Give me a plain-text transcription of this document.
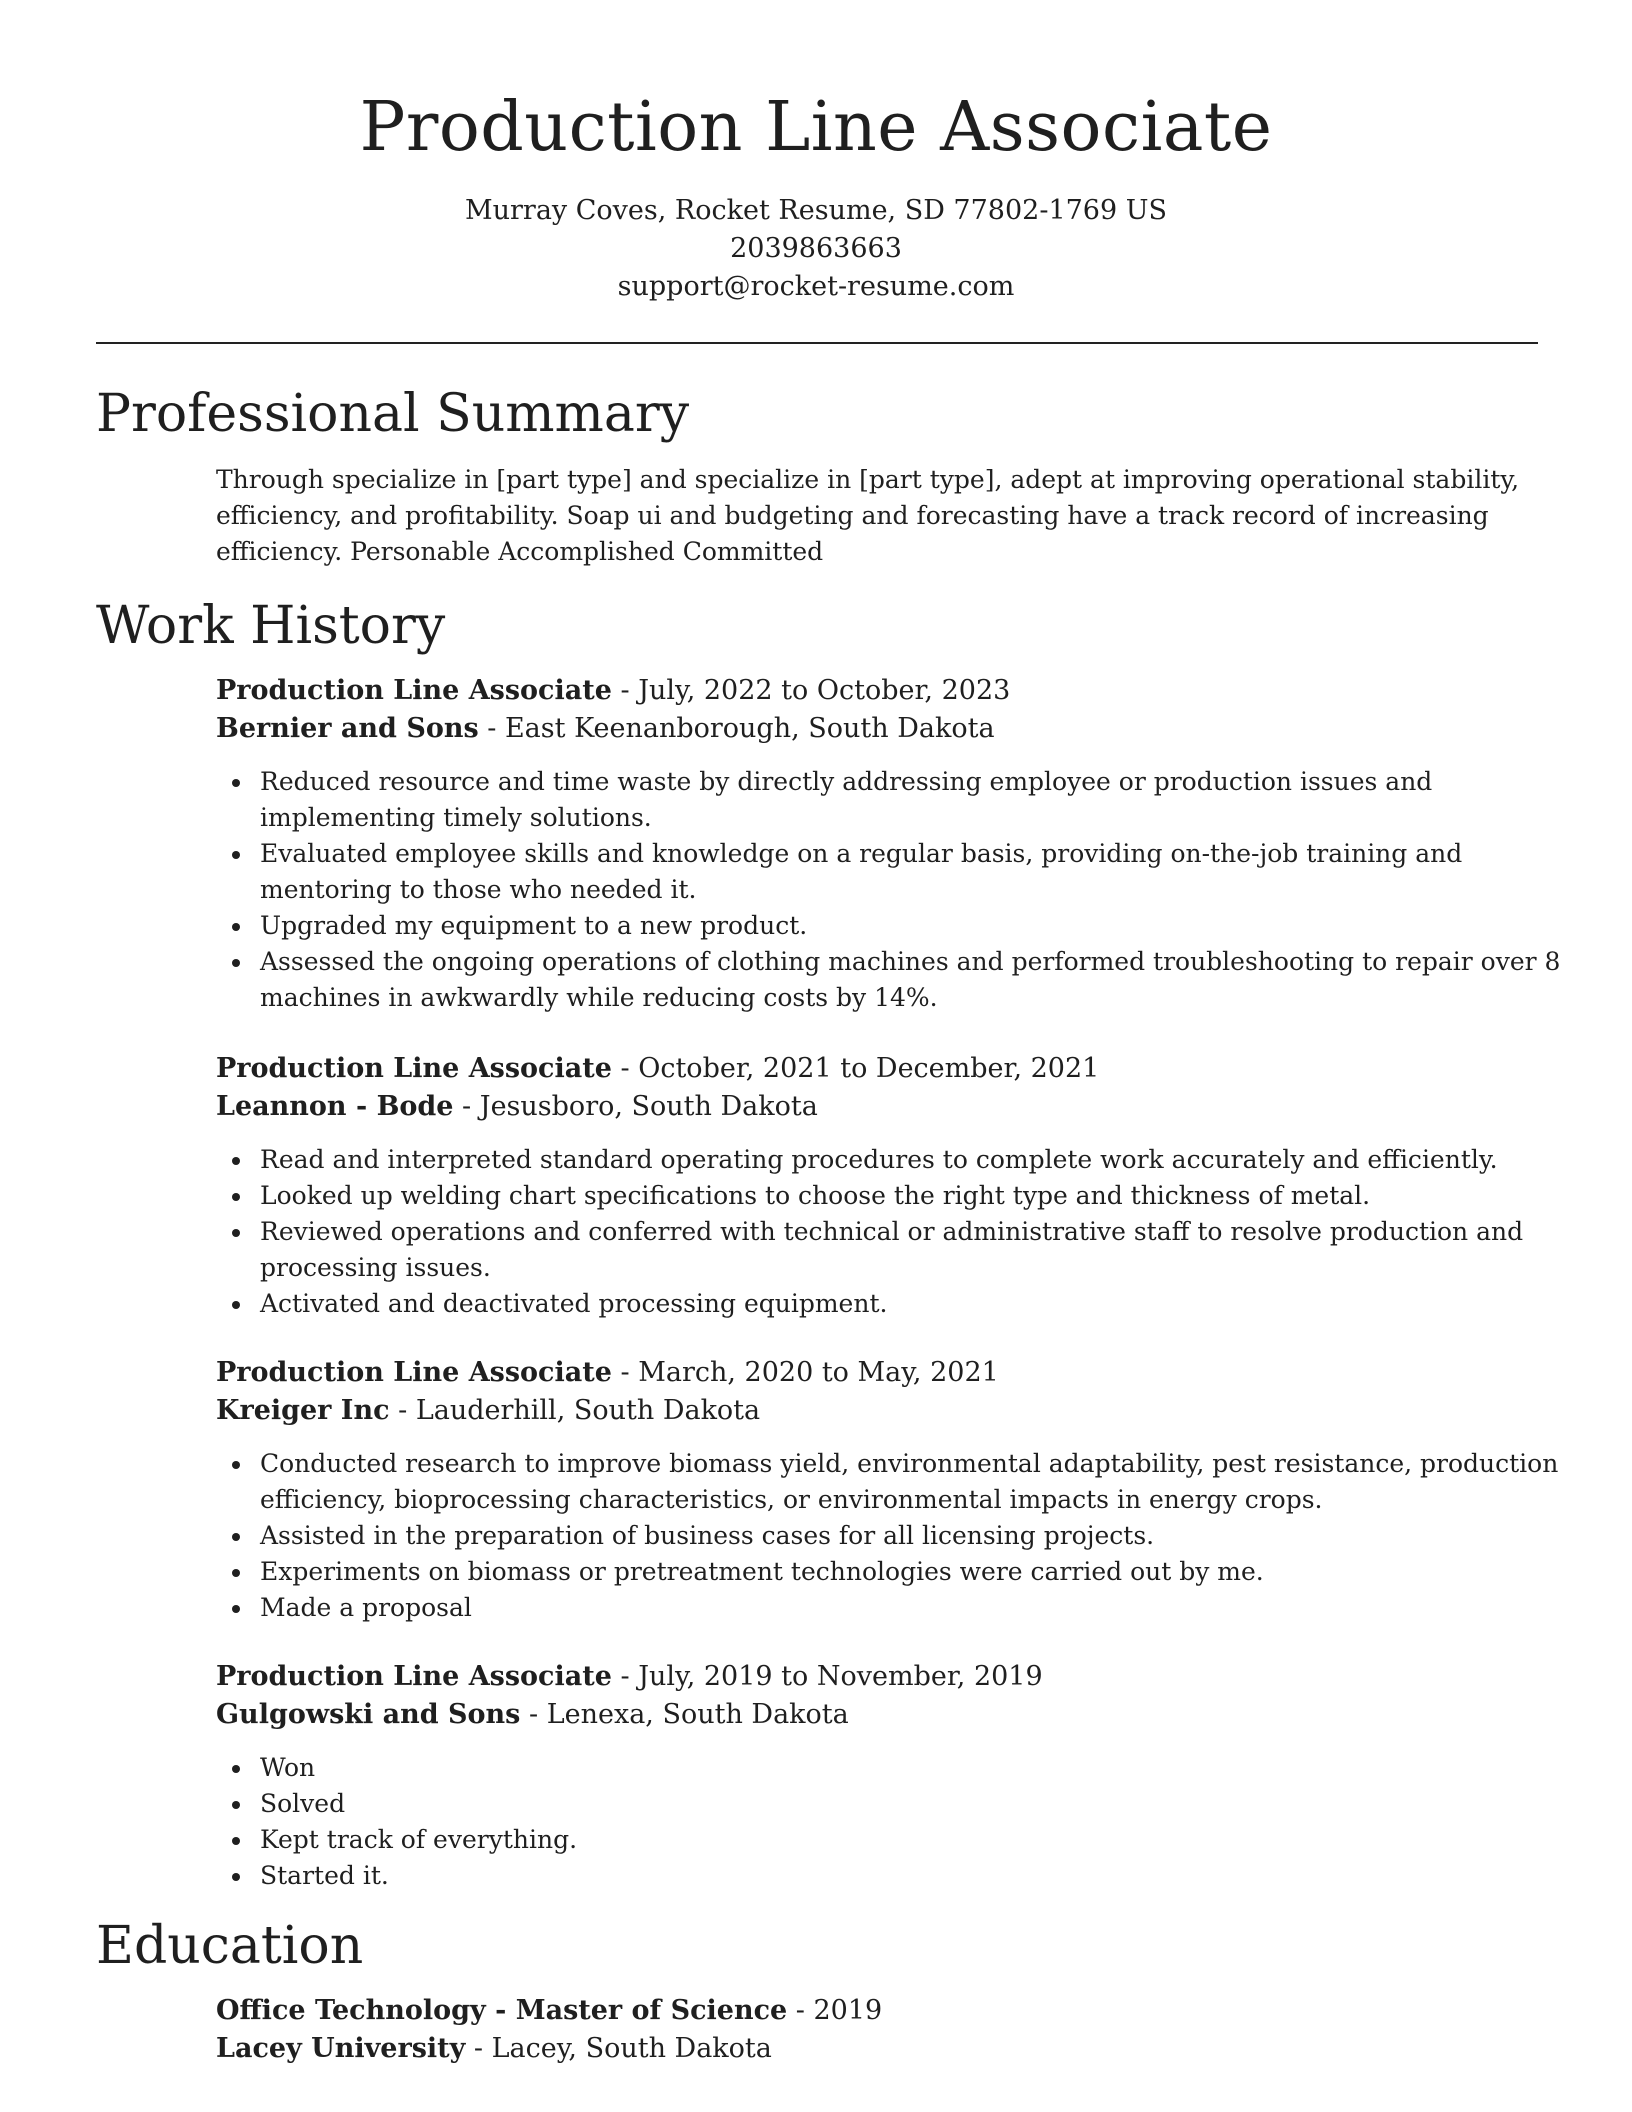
Production Line Associate
Murray Coves, Rocket Resume, SD 77802-1769 US
2039863663
support@rocket-resume.com
Professional Summary

Through specialize in [part type] and specialize in [part type], adept at improving operational stability, efficiency, and profitability. Soap ui and budgeting and forecasting have a track record of increasing efficiency. Personable Accomplished Committed

Work History
Production Line Associate - July, 2022 to October, 2023
Bernier and Sons - East Keenanborough, South Dakota
Reduced resource and time waste by directly addressing employee or production issues and implementing timely solutions.
Evaluated employee skills and knowledge on a regular basis, providing on-the-job training and mentoring to those who needed it.
Upgraded my equipment to a new product.
Assessed the ongoing operations of clothing machines and performed troubleshooting to repair over 8 machines in awkwardly while reducing costs by 14%.
Production Line Associate - October, 2021 to December, 2021
Leannon - Bode - Jesusboro, South Dakota
Read and interpreted standard operating procedures to complete work accurately and efficiently.
Looked up welding chart specifications to choose the right type and thickness of metal.
Reviewed operations and conferred with technical or administrative staff to resolve production and processing issues.
Activated and deactivated processing equipment.
Production Line Associate - March, 2020 to May, 2021
Kreiger Inc - Lauderhill, South Dakota
Conducted research to improve biomass yield, environmental adaptability, pest resistance, production efficiency, bioprocessing characteristics, or environmental impacts in energy crops.
Assisted in the preparation of business cases for all licensing projects.
Experiments on biomass or pretreatment technologies were carried out by me.
Made a proposal
Production Line Associate - July, 2019 to November, 2019
Gulgowski and Sons - Lenexa, South Dakota
Won
Solved
Kept track of everything.
Started it.
Education
Office Technology - Master of Science - 2019
Lacey University - Lacey, South Dakota
